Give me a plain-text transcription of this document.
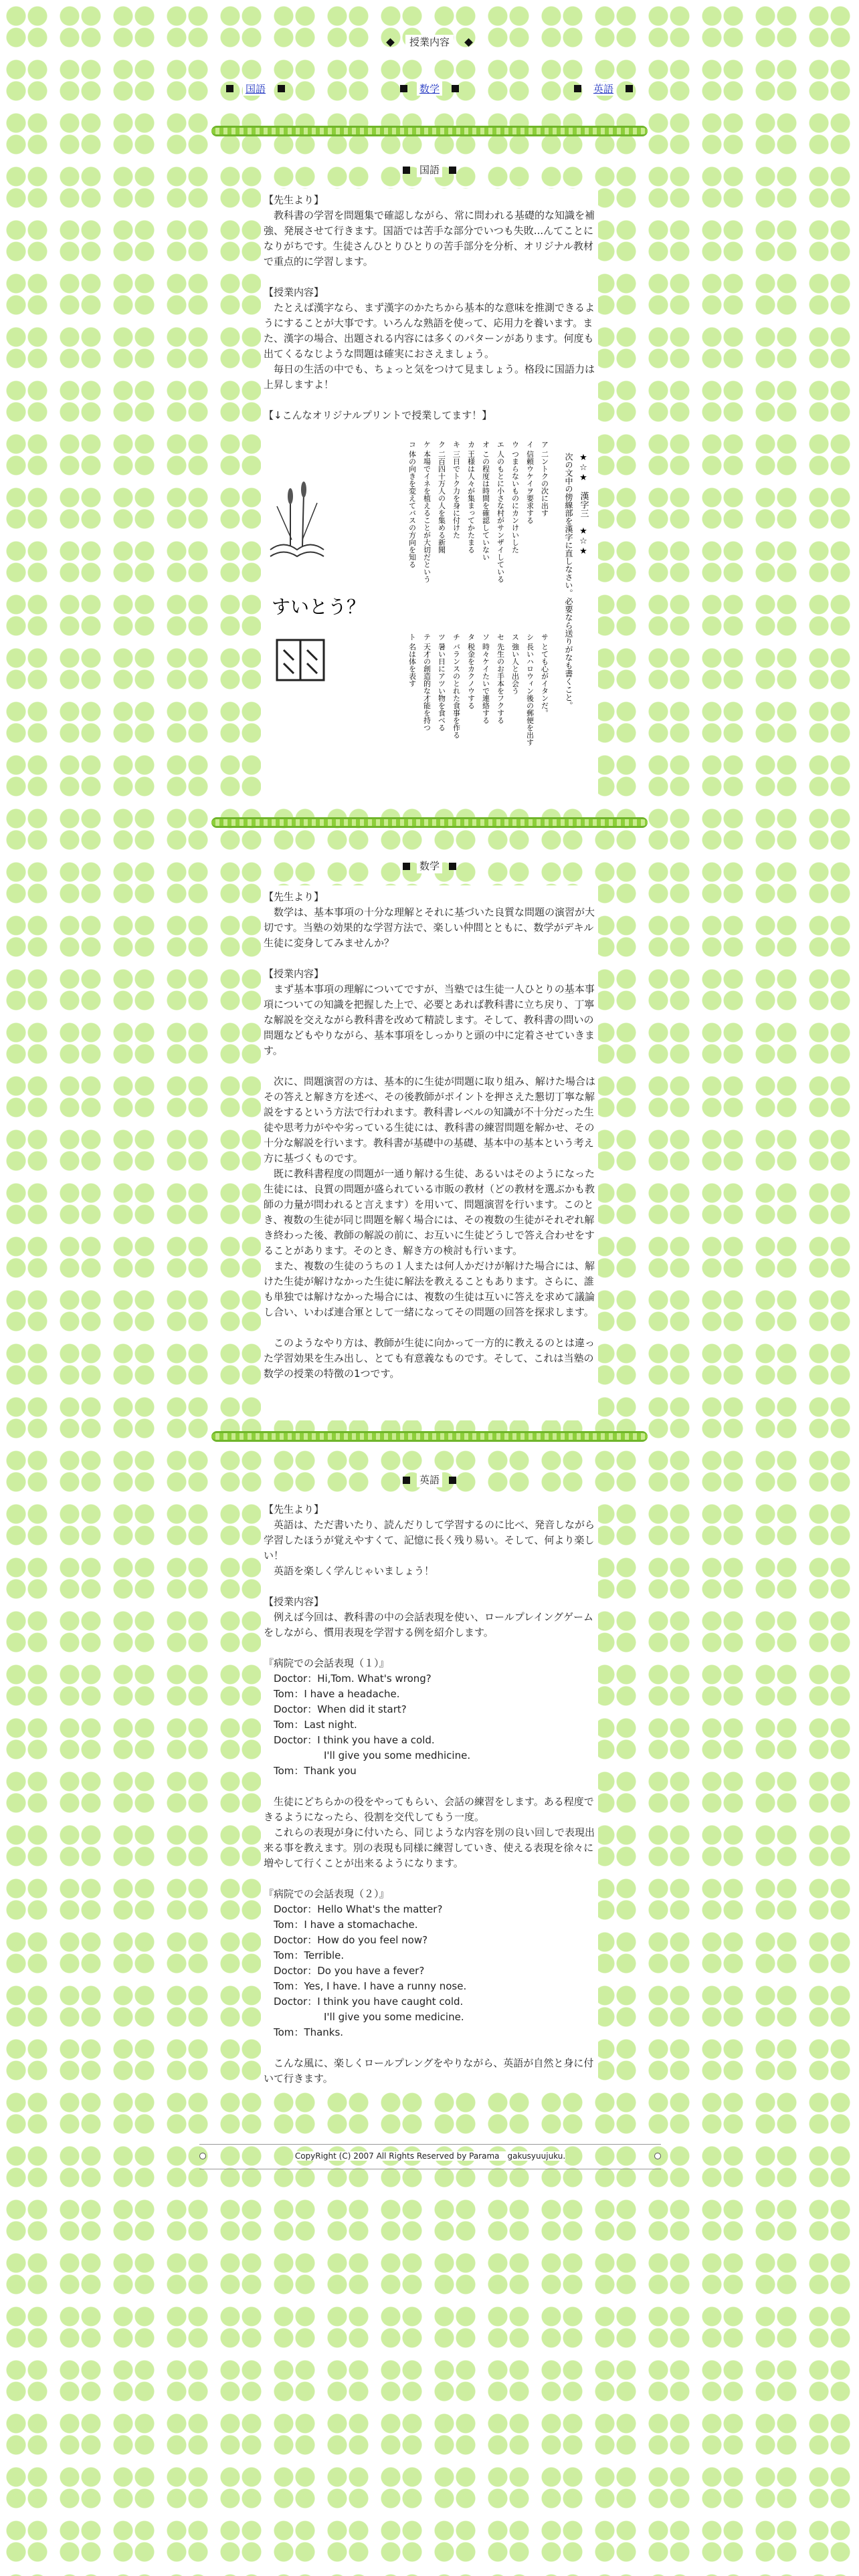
授業内容
国語	数学	英語
国語

【先生より】

　教科書の学習を問題集で確認しながら、常に問われる基礎的な知識を補強、発展させて行きます。国語では苦手な部分でいつも失敗...んてことになりがちです。生徒さんひとりひとりの苦手部分を分析、オリジナル教材で重点的に学習します。

【授業内容】

　たとえば漢字なら、まず漢字のかたちから基本的な意味を推測できるようにすることが大事です。いろんな熟語を使って、応用力を養います。また、漢字の場合、出題される内容には多くのパターンがあります。何度も出てくるなじような問題は確実におさえましょう。

　毎日の生活の中でも、ちょっと気をつけて見ましょう。格段に国語力は上昇しますよ！

【↓こんなオリジナルプリントで授業してます！】

★☆★　漢字三　★☆★
次の文中の傍線部を漢字に直しなさい。必要なら送りがなも書くこと。
ア 二ントクの次に出す
イ 信頼ウケイヲ要求する
ウ つまらないものにカンけいした
エ 人のもとに小さな村がサンザイしている
オ この程度は時間を確認していない
カ 王様は人々が集まってかたまる
キ 三日でトク力を身に付けた
ク 二百四十万人の人を集める新聞
ケ 本場でイネを植えることが大切だという
コ 体の向きを変えてバスの方向を知る
サ とても心がイタンだ。
シ 長いハロウィン後の郵便を出す
ス 強い人と出会う
セ 先生のお手本をフクする
ソ 時々ケイたいで連絡する
タ 税金をカクノウする
チ バランスのとれた食事を作る
ツ 暑い日にアツい物を食べる
テ 天才の創造的な才能を持つ
ト 名は体を表す
すいとう？
数学

【先生より】

　数学は、基本事項の十分な理解とそれに基づいた良質な問題の演習が大切です。当塾の効果的な学習方法で、楽しい仲間とともに、数学がデキル生徒に変身してみませんか？

【授業内容】

　まず基本事項の理解についてですが、当塾では生徒一人ひとりの基本事項についての知識を把握した上で、必要とあれば教科書に立ち戻り、丁寧な解説を交えながら教科書を改めて精読します。そして、教科書の問いの問題などもやりながら、基本事項をしっかりと頭の中に定着させていきます。

　次に、問題演習の方は、基本的に生徒が問題に取り組み、解けた場合はその答えと解き方を述べ、その後教師がポイントを押さえた懇切丁寧な解説をするという方法で行われます。教科書レベルの知識が不十分だった生徒や思考力がやや劣っている生徒には、教科書の練習問題を解かせ、その十分な解説を行います。教科書が基礎中の基礎、基本中の基本という考え方に基づくものです。

　既に教科書程度の問題が一通り解ける生徒、あるいはそのようになった生徒には、良質の問題が盛られている市販の教材（どの教材を選ぶかも教師の力量が問われると言えます）を用いて、問題演習を行います。このとき、複数の生徒が同じ問題を解く場合には、その複数の生徒がそれぞれ解き終わった後、教師の解説の前に、お互いに生徒どうしで答え合わせをすることがあります。そのとき、解き方の検討も行います。

　また、複数の生徒のうちの１人または何人かだけが解けた場合には、解けた生徒が解けなかった生徒に解法を教えることもあります。さらに、誰も単独では解けなかった場合には、複数の生徒は互いに答えを求めて議論し合い、いわば連合軍として一緒になってその問題の回答を探求します。

　このようなやり方は、教師が生徒に向かって一方的に教えるのとは違った学習効果を生み出し、とても有意義なものです。そして、これは当塾の数学の授業の特徴の1つです。

英語

【先生より】

　英語は、ただ書いたり、読んだりして学習するのに比べ、発音しながら学習したほうが覚えやすくて、記憶に長く残り易い。そして、何より楽しい！

　英語を楽しく学んじゃいましょう！

【授業内容】

　例えば今回は、教科書の中の会話表現を使い、ロールプレイングゲームをしながら、慣用表現を学習する例を紹介します。

『病院での会話表現（１）』

　Doctor：Hi,Tom. What's wrong?

　Tom：I have a headache.

　Doctor：When did it start?

　Tom：Last night.

　Doctor：I think you have a cold.

　　　　　　I'll give you some medhicine.

　Tom：Thank you

　生徒にどちらかの役をやってもらい、会話の練習をします。ある程度できるようになったら、役割を交代してもう一度。

　これらの表現が身に付いたら、同じような内容を別の良い回しで表現出来る事を教えます。別の表現も同様に練習していき、使える表現を徐々に増やして行くことが出来るようになります。

『病院での会話表現（２）』

　Doctor：Hello What's the matter?

　Tom：I have a stomachache.

　Doctor：How do you feel now?

　Tom：Terrible.

　Doctor：Do you have a fever?

　Tom：Yes, I have. I have a runny nose.

　Doctor：I think you have caught cold.

　　　　　　I'll give you some medicine.

　Tom：Thanks.

　こんな風に、楽しくロールプレングをやりながら、英語が自然と身に付いて行きます。

CopyRight (C) 2007 All Rights Reserved by Parama　gakusyuujuku.
